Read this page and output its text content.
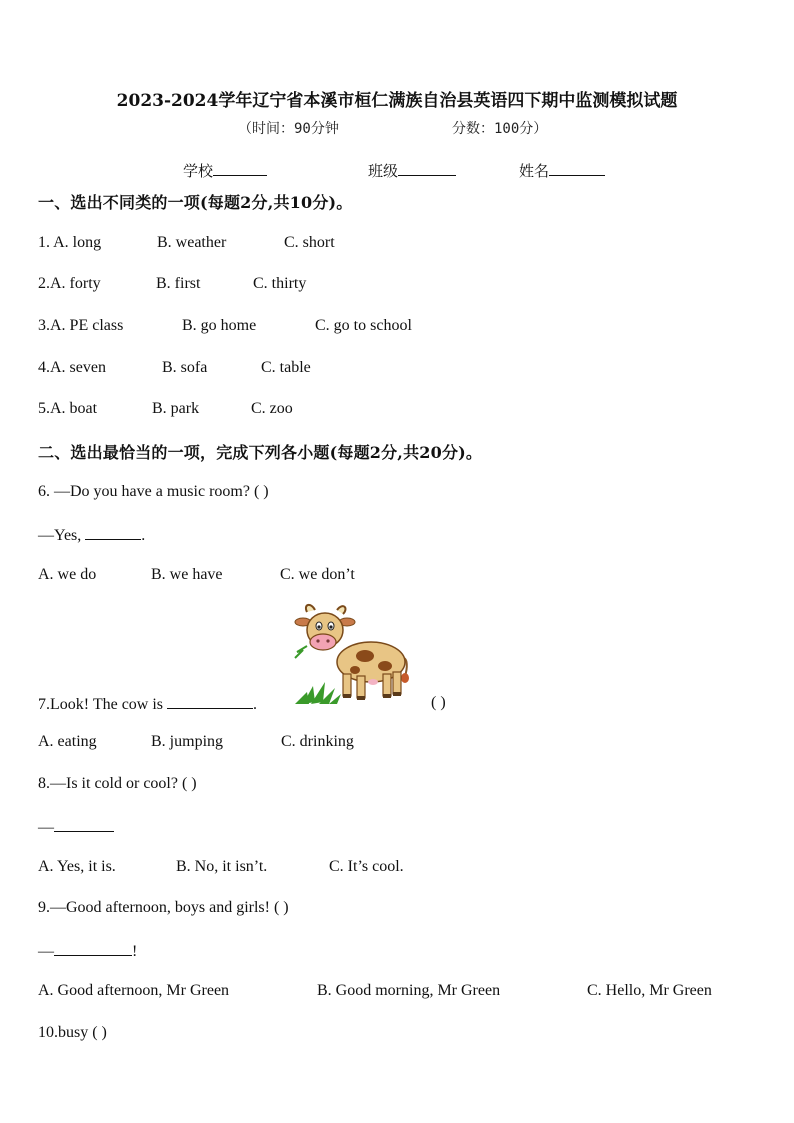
2023-2024学年辽宁省本溪市桓仁满族自治县英语四下期中监测模拟试题
（时间：90分钟	分数：100分）
学校	班级	姓名
一、选出不同类的一项(每题2分,共10分)。
1. A. long	B. weather	C. short
2.A. forty	B. first	C. thirty
3.A. PE class	B. go home	C. go to school
4.A. seven	B. sofa	C. table
5.A. boat	B. park	C. zoo
二、选出最恰当的一项，完成下列各小题(每题2分,共20分)。
6. —Do you have a music room? ( )
—Yes,	.
A. we do	B. we have	C. we don’t
7.Look! The cow is	.	( )
A. eating	B. jumping	C. drinking
8.—Is it cold or cool? ( )
—
A. Yes, it is.	B. No, it isn’t.	C. It’s cool.
9.—Good afternoon, boys and girls! ( )
—	!
A. Good afternoon, Mr Green	B. Good morning, Mr Green	C. Hello, Mr Green
10.busy ( )
